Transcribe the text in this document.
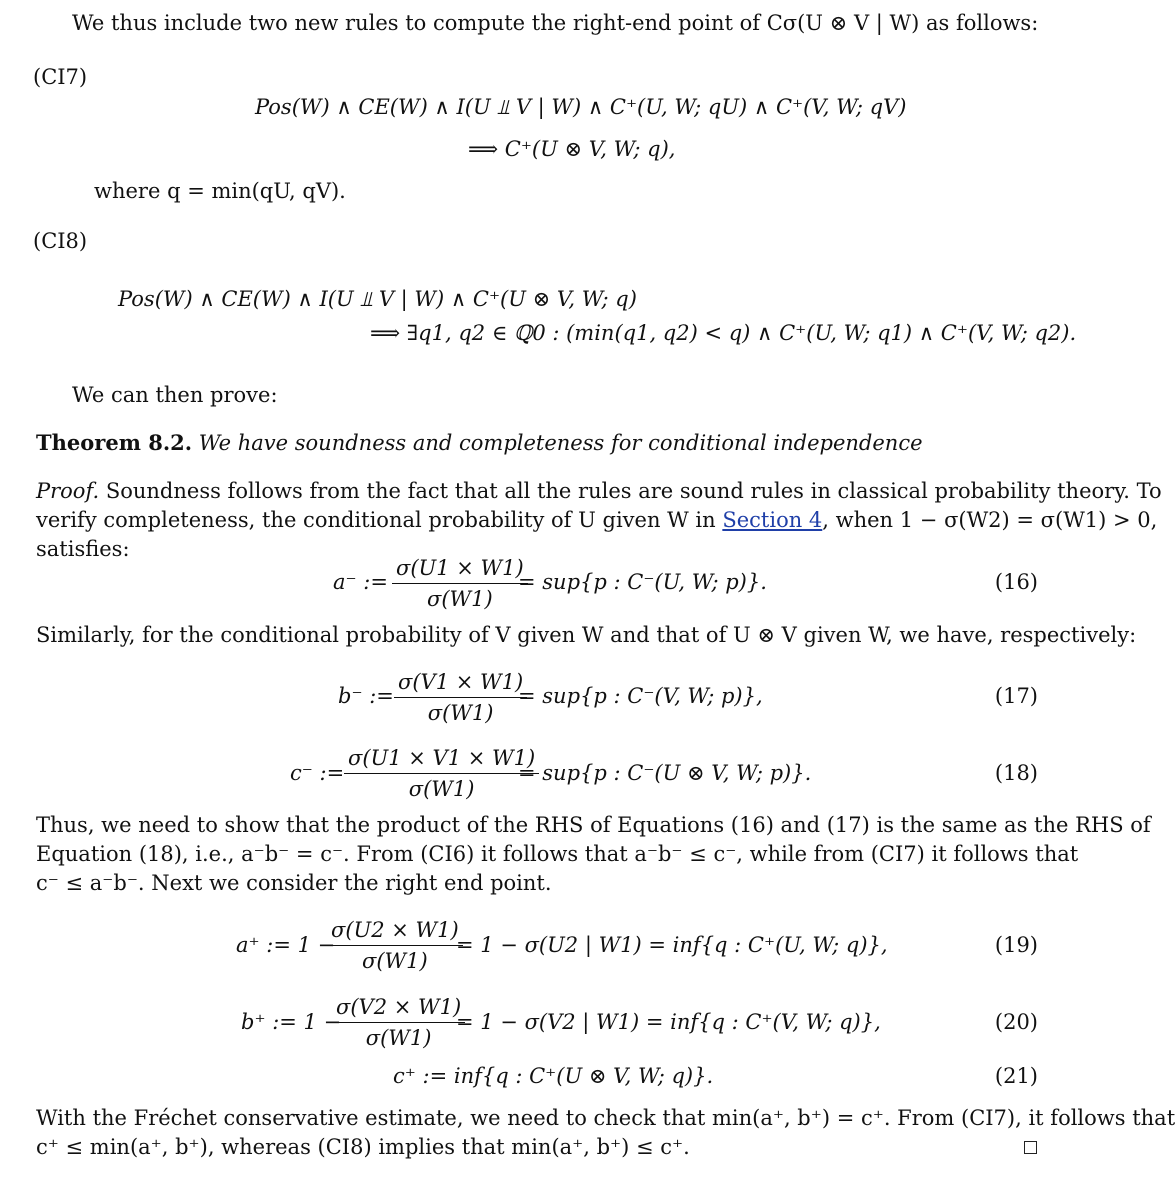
We thus include two new rules to compute the right-end point of Cσ(U ⊗ V | W) as follows:
(CI7)
Pos(W) ∧ CE(W) ∧ I(U ⫫ V | W) ∧ C⁺(U, W; qU) ∧ C⁺(V, W; qV)
⟹ C⁺(U ⊗ V, W; q),
where q = min(qU, qV).
(CI8)
Pos(W) ∧ CE(W) ∧ I(U ⫫ V | W) ∧ C⁺(U ⊗ V, W; q)
⟹ ∃q1, q2 ∈ ℚ0 : (min(q1, q2) < q) ∧ C⁺(U, W; q1) ∧ C⁺(V, W; q2).
We can then prove:
Theorem 8.2. We have soundness and completeness for conditional independence
Proof. Soundness follows from the fact that all the rules are sound rules in classical probability theory. To
verify completeness, the conditional probability of U given W in Section 4, when 1 − σ(W2) = σ(W1) > 0,
satisfies:
a⁻ :=
σ(U1 × W1)
σ(W1)
= sup{p : C⁻(U, W; p)}.	(16)
Similarly, for the conditional probability of V given W and that of U ⊗ V given W, we have, respectively:
b⁻ :=
σ(V1 × W1)
σ(W1)
= sup{p : C⁻(V, W; p)},	(17)
c⁻ :=
σ(U1 × V1 × W1)
σ(W1)
= sup{p : C⁻(U ⊗ V, W; p)}.	(18)
Thus, we need to show that the product of the RHS of Equations (16) and (17) is the same as the RHS of
Equation (18), i.e., a⁻b⁻ = c⁻. From (CI6) it follows that a⁻b⁻ ≤ c⁻, while from (CI7) it follows that
c⁻ ≤ a⁻b⁻. Next we consider the right end point.
a⁺ := 1 −
σ(U2 × W1)
σ(W1)
= 1 − σ(U2 | W1) = inf{q : C⁺(U, W; q)},	(19)
b⁺ := 1 −
σ(V2 × W1)
σ(W1)
= 1 − σ(V2 | W1) = inf{q : C⁺(V, W; q)},	(20)
c⁺ := inf{q : C⁺(U ⊗ V, W; q)}.	(21)
With the Fréchet conservative estimate, we need to check that min(a⁺, b⁺) = c⁺. From (CI7), it follows that
c⁺ ≤ min(a⁺, b⁺), whereas (CI8) implies that min(a⁺, b⁺) ≤ c⁺.
